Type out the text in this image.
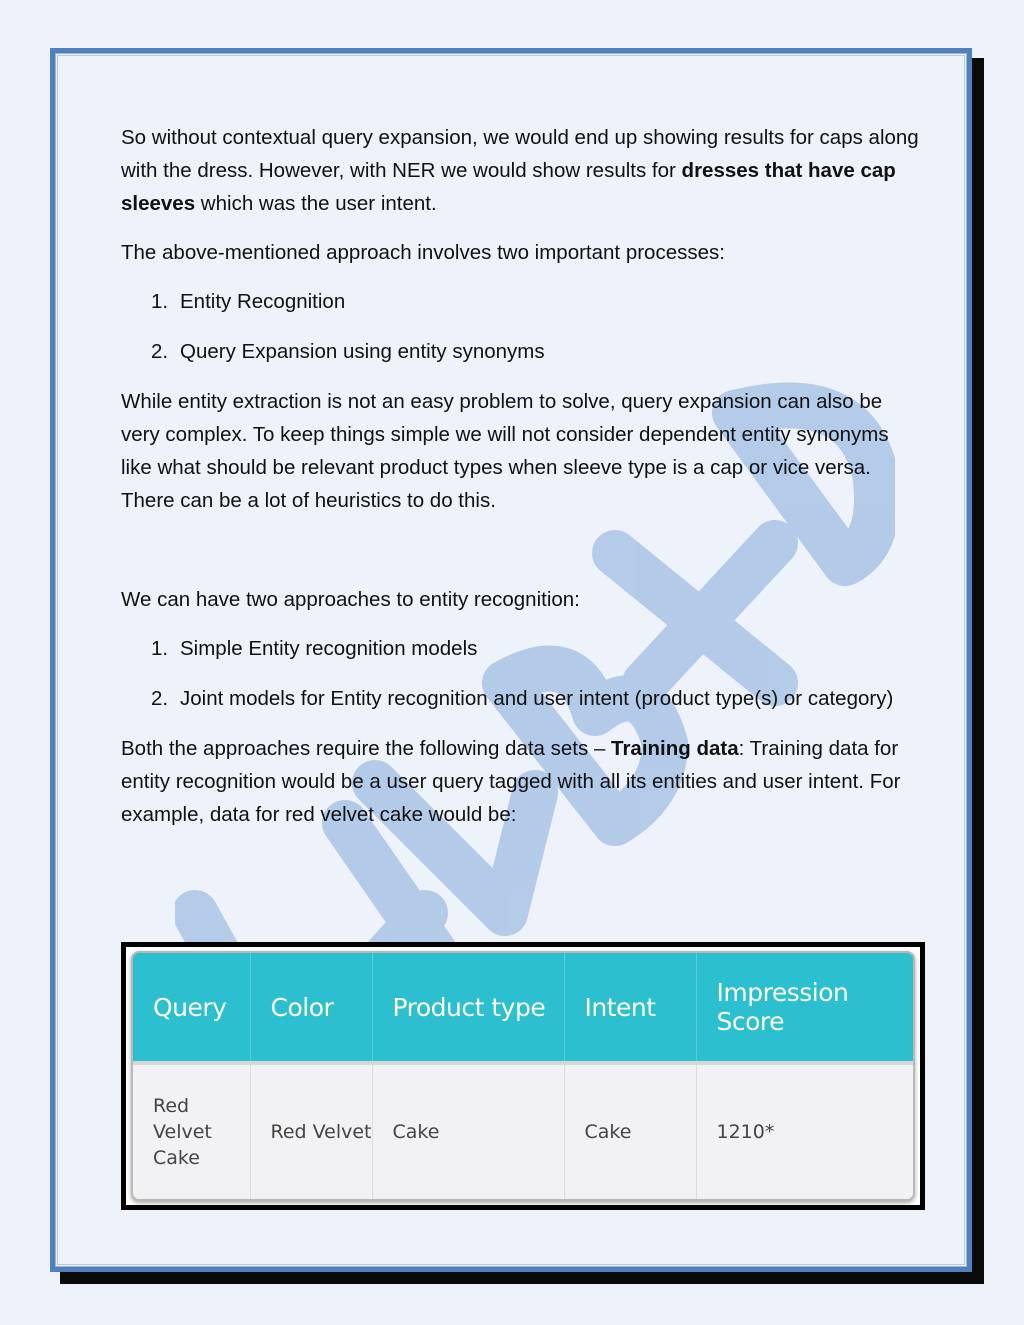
So without contextual query expansion, we would end up showing results for caps along with the dress. However, with NER we would show results for dresses that have cap sleeves which was the user intent.

The above-mentioned approach involves two important processes:

1. Entity Recognition
2. Query Expansion using entity synonyms

While entity extraction is not an easy problem to solve, query expansion can also be very complex. To keep things simple we will not consider dependent entity synonyms like what should be relevant product types when sleeve type is a cap or vice versa. There can be a lot of heuristics to do this.

We can have two approaches to entity recognition:

1. Simple Entity recognition models
2. Joint models for Entity recognition and user intent (product type(s) or category)

Both the approaches require the following data sets – Training data: Training data for entity recognition would be a user query tagged with all its entities and user intent. For example, data for red velvet cake would be:

Query	Color	Product type	Intent	Impression Score
Red Velvet Cake	Red Velvet	Cake	Cake	1210*
